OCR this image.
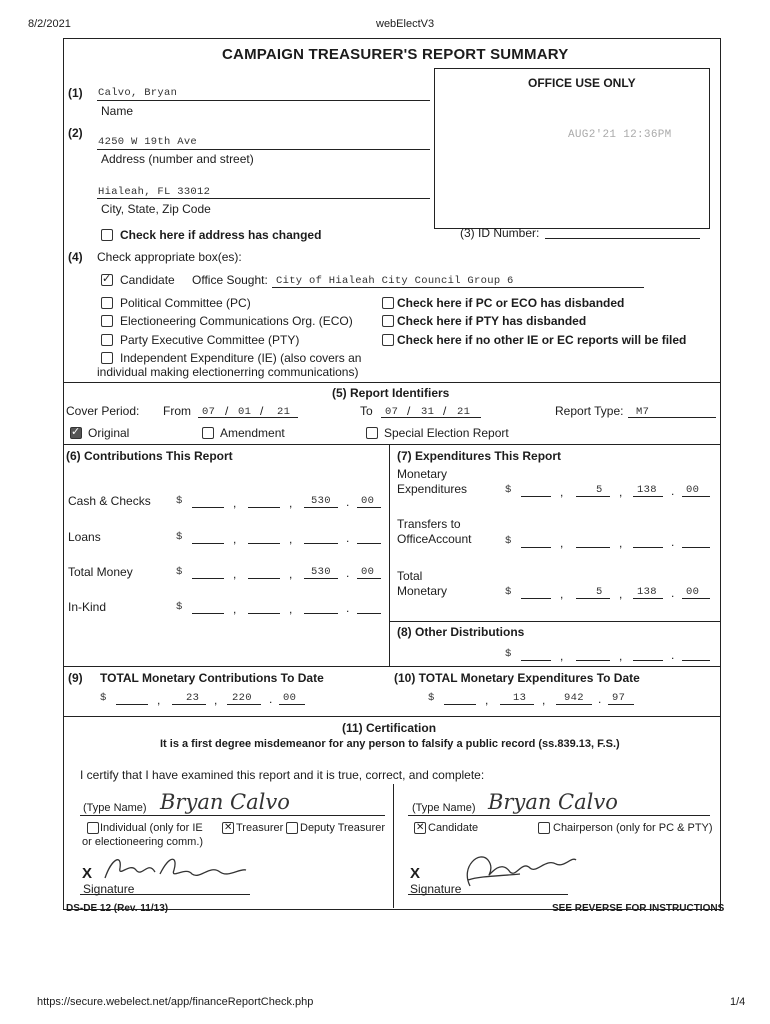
8/2/2021	webElectV3
CAMPAIGN TREASURER'S REPORT SUMMARY
OFFICE USE ONLY
AUG2'21 12:36PM
(1) Calvo, Bryan
Name
(2)
4250 W 19th Ave
Address (number and street)
Hialeah, FL 33012
City, State, Zip Code
Check here if address has changed	(3) ID Number:
(4) Check appropriate box(es):
✓
Candidate Office Sought: City of Hialeah City Council Group 6
Political Committee (PC)
Electioneering Communications Org. (ECO)
Party Executive Committee (PTY)
Independent Expenditure (IE) (also covers an
individual making electionerring communications)
Check here if PC or ECO has disbanded
Check here if PTY has disbanded
Check here if no other IE or EC reports will be filed
(5) Report Identifiers
Cover Period: From 07 / 01 / 21	To 07 / 31 / 21	Report Type: M7
✓
Original	Amendment	Special Election Report
(6) Contributions This Report
Cash & Checks $	,	, 530 . 00
Loans	$	,	,	.
Total Money	$	,	, 530 . 00
In-Kind	$	,	,	.
(7) Expenditures This Report
Monetary
Expenditures	$	,	5 , 138 . 00
Transfers to
OfficeAccount	$	,	,	.
Total
Monetary	$	,	5 , 138 . 00
(8) Other Distributions
$	,	,	.
(9) TOTAL Monetary Contributions To Date
$	, 23 , 220 . 00
(10) TOTAL Monetary Expenditures To Date
$	, 13 , 942 . 97
(11) Certification
It is a first degree misdemeanor for any person to falsify a public record (ss.839.13, F.S.)
I certify that I have examined this report and it is true, correct, and complete:
(Type Name) Bryan Calvo
Individual (only for IE
or electioneering comm.)
✕
Treasurer Deputy Treasurer
X
Signature
(Type Name) Bryan Calvo
✕
Candidate	Chairperson (only for PC & PTY)
X
Signature
DS-DE 12 (Rev. 11/13)	SEE REVERSE FOR INSTRUCTIONS
https://secure.webelect.net/app/financeReportCheck.php	1/4
